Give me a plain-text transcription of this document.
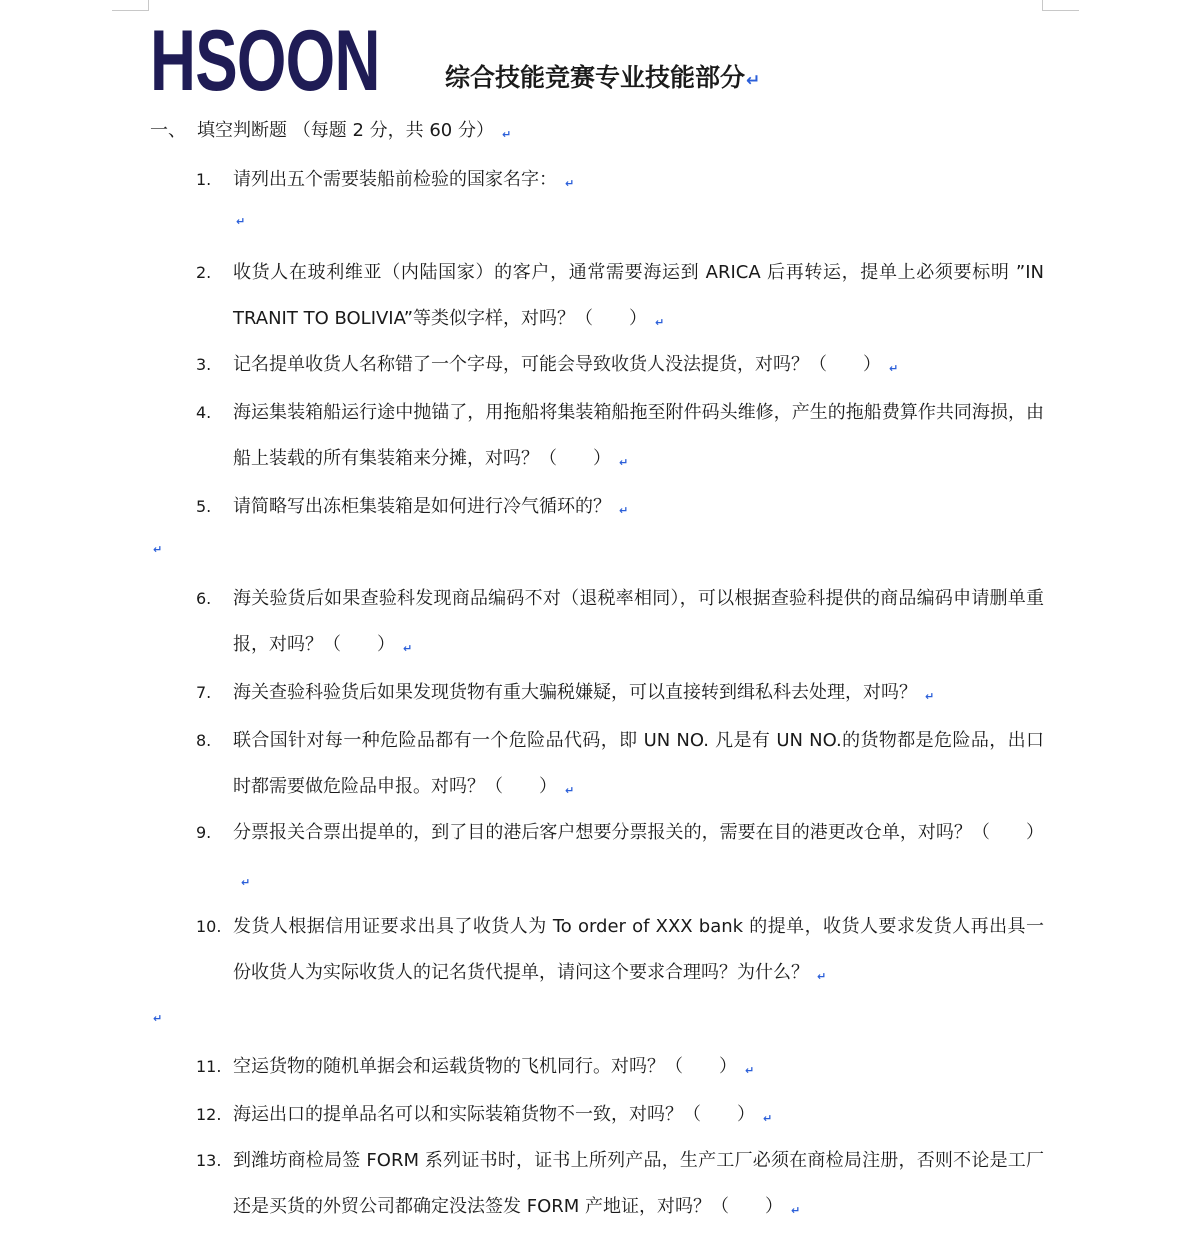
HSOON	综合技能竞赛专业技能部分↵
一、 填空判断题 （每题 2 分，共 60 分） ↵
1.	请列出五个需要装船前检验的国家名字： ↵
↵
2.	收货人在玻利维亚（内陆国家）的客户，通常需要海运到 ARICA 后再转运，提单上必须要标明 ”IN TRANIT TO BOLIVIA”等类似字样，对吗？（　　） ↵
3.	记名提单收货人名称错了一个字母，可能会导致收货人没法提货，对吗？（　　） ↵
4.	海运集装箱船运行途中抛锚了，用拖船将集装箱船拖至附件码头维修，产生的拖船费算作共同海损，由船上装载的所有集装箱来分摊，对吗？（　　） ↵
5.	请简略写出冻柜集装箱是如何进行冷气循环的？ ↵
↵
6.	海关验货后如果查验科发现商品编码不对（退税率相同），可以根据查验科提供的商品编码申请删单重报，对吗？（　　） ↵
7.	海关查验科验货后如果发现货物有重大骗税嫌疑，可以直接转到缉私科去处理，对吗？ ↵
8.	联合国针对每一种危险品都有一个危险品代码，即 UN NO. 凡是有 UN NO.的货物都是危险品，出口时都需要做危险品申报。对吗？（　　） ↵
9.	分票报关合票出提单的，到了目的港后客户想要分票报关的，需要在目的港更改仓单，对吗？（　　）↵
10. 发货人根据信用证要求出具了收货人为 To order of XXX bank 的提单，收货人要求发货人再出具一份收货人为实际收货人的记名货代提单，请问这个要求合理吗？为什么？ ↵
↵
11. 空运货物的随机单据会和运载货物的飞机同行。对吗？（　　） ↵
12. 海运出口的提单品名可以和实际装箱货物不一致，对吗？（　　） ↵
13. 到潍坊商检局签 FORM 系列证书时，证书上所列产品，生产工厂必须在商检局注册，否则不论是工厂还是买货的外贸公司都确定没法签发 FORM 产地证，对吗？（　　） ↵
